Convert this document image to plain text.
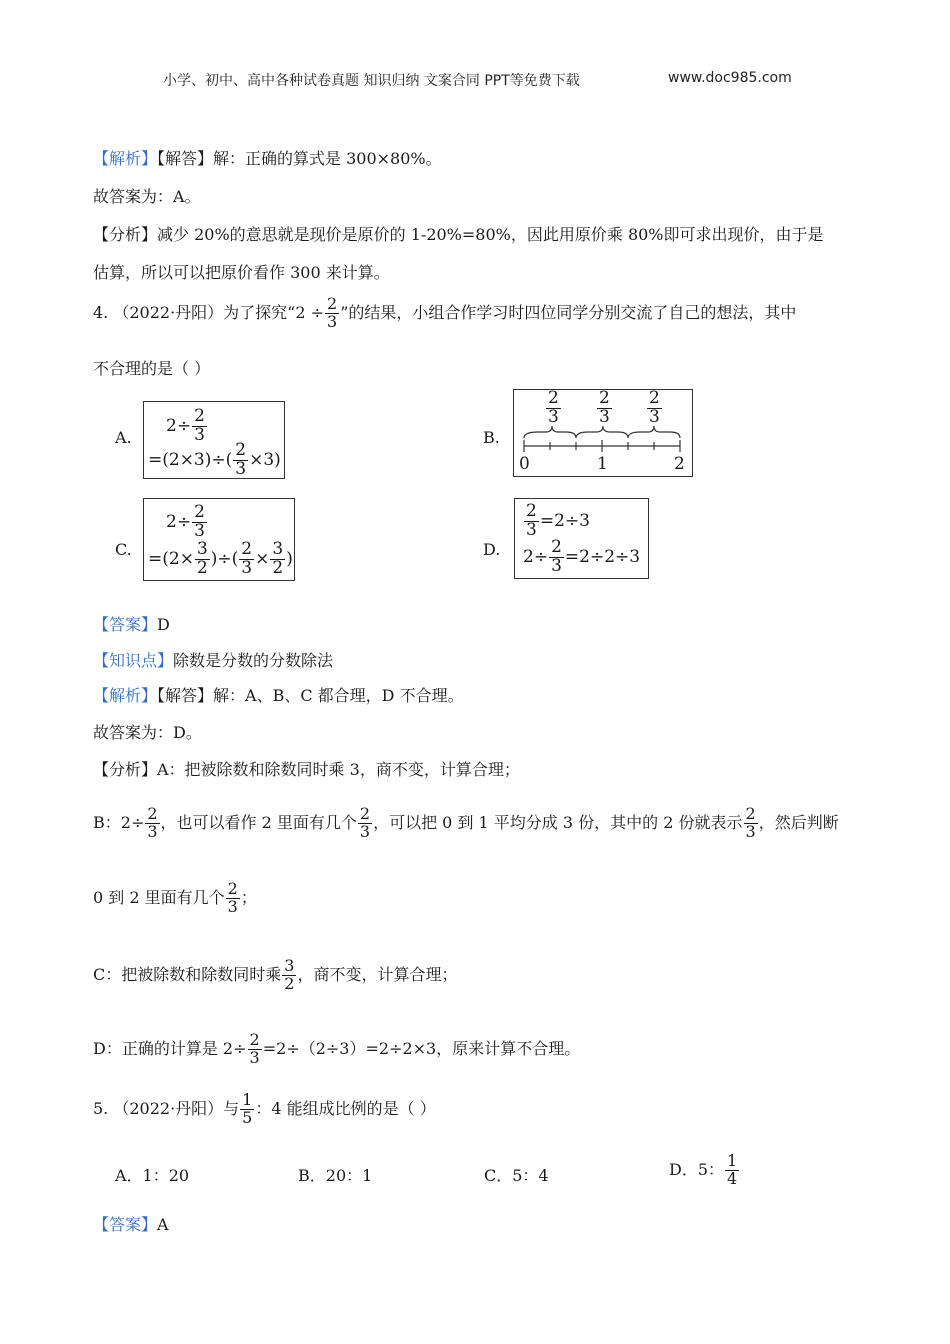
小学、初中、高中各种试卷真题 知识归纳 文案合同 PPT等免费下载	www.doc985.com
【解析】【解答】解：正确的算式是 300×80%。
故答案为：A。
【分析】减少 20%的意思就是现价是原价的 1-20%=80%，因此用原价乘 80%即可求出现价，由于是
估算，所以可以把原价看作 300 来计算。
4. （2022·丹阳）为了探究“$2 \div \frac{2}{3}$ ”的结果，小组合作学习时四位同学分别交流了自己的想法，其中
不合理的是（ ）
A.	B.
C.	D.
$2\div \frac{2}{3}$
$=(2\times 3)\div( \frac{2}{3} \times 3)$
$\frac{2}{3} \frac{2}{3} \frac{2}{3}$
0	1	2
$2\div \frac{2}{3}$
$=(2\times \frac{3}{2}$ )÷( $\frac{2}{3} \times \frac{3}{2}$ )
$\frac{2}{3} =2\div 3$
$2\div \frac{2}{3} =2\div 2\div 3$
【答案】D
【知识点】除数是分数的分数除法
【解析】【解答】解：A、B、C 都合理，D 不合理。
故答案为：D。
【分析】A：把被除数和除数同时乘 3，商不变，计算合理；
B：$2\div \frac{2}{3}$ ，也可以看作 2 里面有几个 $\frac{2}{3}$ ，可以把 0 到 1 平均分成 3 份，其中的 2 份就表示 $\frac{2}{3}$ ，然后判断
0 到 2 里面有几个 $\frac{2}{3}$ ；
C：把被除数和除数同时乘 $\frac{3}{2}$ ，商不变，计算合理；
D：正确的计算是 $2\div \frac{2}{3} =2\div(2\div 3)=2\div 2\times 3$，原来计算不合理。
5. （2022·丹阳）与 $\frac{1}{5}$ ：4 能组成比例的是（ ）
A．1：20	B．20：1	C．5：4	D．5： $\frac{1}{4}$
【答案】A
